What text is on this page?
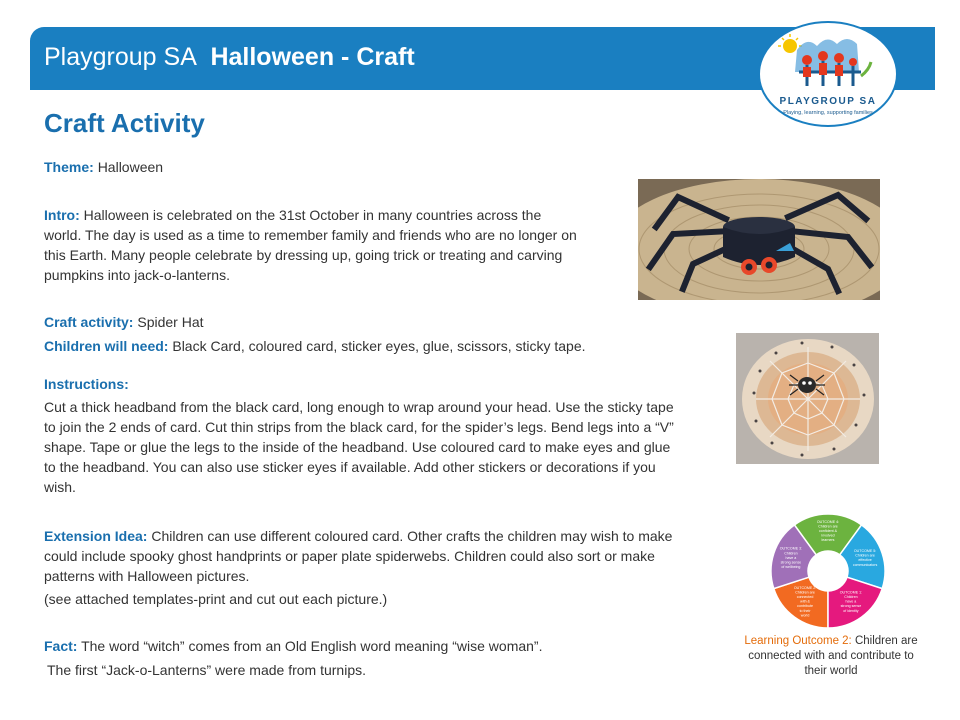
Playgroup SA Halloween - Craft
PLAYGROUP SA
Playing, learning, supporting families
Craft Activity
Theme: Halloween
Intro: Halloween is celebrated on the 31st October in many countries across the
world. The day is used as a time to remember family and friends who are no longer on
this Earth. Many people celebrate by dressing up, going trick or treating and carving
pumpkins into jack-o-lanterns.
Craft activity: Spider Hat
Children will need: Black Card, coloured card, sticker eyes, glue, scissors, sticky tape.
Instructions:
Cut a thick headband from the black card, long enough to wrap around your head. Use the sticky tape
to join the 2 ends of card. Cut thin strips from the black card, for the spider’s legs. Bend legs into a “V”
shape. Tape or glue the legs to the inside of the headband. Use coloured card to make eyes and glue
to the headband. You can also use sticker eyes if available. Add other stickers or decorations if you
wish.
Extension Idea: Children can use different coloured card. Other crafts the children may wish to make
could include spooky ghost handprints or paper plate spiderwebs. Children could also sort or make
patterns with Halloween pictures.
(see attached templates-print and cut out each picture.)
Fact: The word “witch” comes from an Old English word meaning “wise woman”.
The first “Jack-o-Lanterns” were made from turnips.
OUTCOME 2: Children are connected with & contribute to their world
OUTCOME 3: Children have a strong sense of wellbeing
OUTCOME 4: Children are confident & involved learners
OUTCOME 5: Children are effective communicators
OUTCOME 1: Children have a strong sense of identity
Learning Outcome 2: Children are connected with and contribute to their world
